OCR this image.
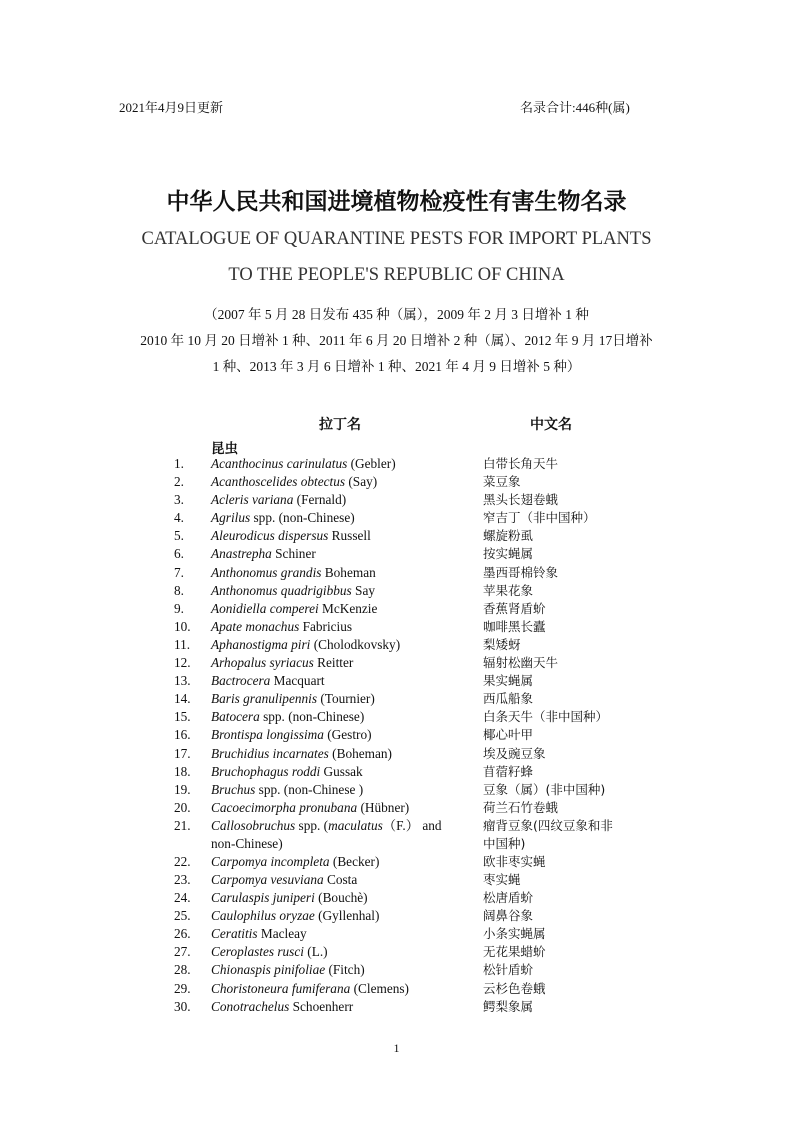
2021年4月9日更新	名录合计:446种(属)
中华人民共和国进境植物检疫性有害生物名录
CATALOGUE OF QUARANTINE PESTS FOR IMPORT PLANTS
TO THE PEOPLE'S REPUBLIC OF CHINA
（2007 年 5 月 28 日发布 435 种（属），2009 年 2 月 3 日增补 1 种
2010 年 10 月 20 日增补 1 种、2011 年 6 月 20 日增补 2 种（属）、2012 年 9 月 17日增补
1 种、2013 年 3 月 6 日增补 1 种、2021 年 4 月 9 日增补 5 种）
拉丁名	中文名
昆虫
1. Acanthocinus carinulatus (Gebler)	白带长角天牛
2. Acanthoscelides obtectus (Say)	菜豆象
3. Acleris variana (Fernald)	黑头长翅卷蛾
4. Agrilus spp. (non-Chinese)	窄吉丁（非中国种）
5. Aleurodicus dispersus Russell	螺旋粉虱
6. Anastrepha Schiner	按实蝇属
7. Anthonomus grandis Boheman	墨西哥棉铃象
8. Anthonomus quadrigibbus Say	苹果花象
9. Aonidiella comperei McKenzie	香蕉肾盾蚧
10. Apate monachus Fabricius	咖啡黑长蠹
11. Aphanostigma piri (Cholodkovsky)	梨矮蚜
12. Arhopalus syriacus Reitter	辐射松幽天牛
13. Bactrocera Macquart	果实蝇属
14. Baris granulipennis (Tournier)	西瓜船象
15. Batocera spp. (non-Chinese)	白条天牛（非中国种）
16. Brontispa longissima (Gestro)	椰心叶甲
17. Bruchidius incarnates (Boheman)	埃及豌豆象
18. Bruchophagus roddi Gussak	苜蓿籽蜂
19. Bruchus spp. (non-Chinese )	豆象（属）(非中国种)
20. Cacoecimorpha pronubana (Hübner)	荷兰石竹卷蛾
21. Callosobruchus spp. (maculatus（F.） and non-Chinese)
瘤背豆象(四纹豆象和非中国种)
22. Carpomya incompleta (Becker)	欧非枣实蝇
23. Carpomya vesuviana Costa	枣实蝇
24. Carulaspis juniperi (Bouchè)	松唐盾蚧
25. Caulophilus oryzae (Gyllenhal)	阔鼻谷象
26. Ceratitis Macleay	小条实蝇属
27. Ceroplastes rusci (L.)	无花果蜡蚧
28. Chionaspis pinifoliae (Fitch)	松针盾蚧
29. Choristoneura fumiferana (Clemens)	云杉色卷蛾
30. Conotrachelus Schoenherr	鳄梨象属
1
